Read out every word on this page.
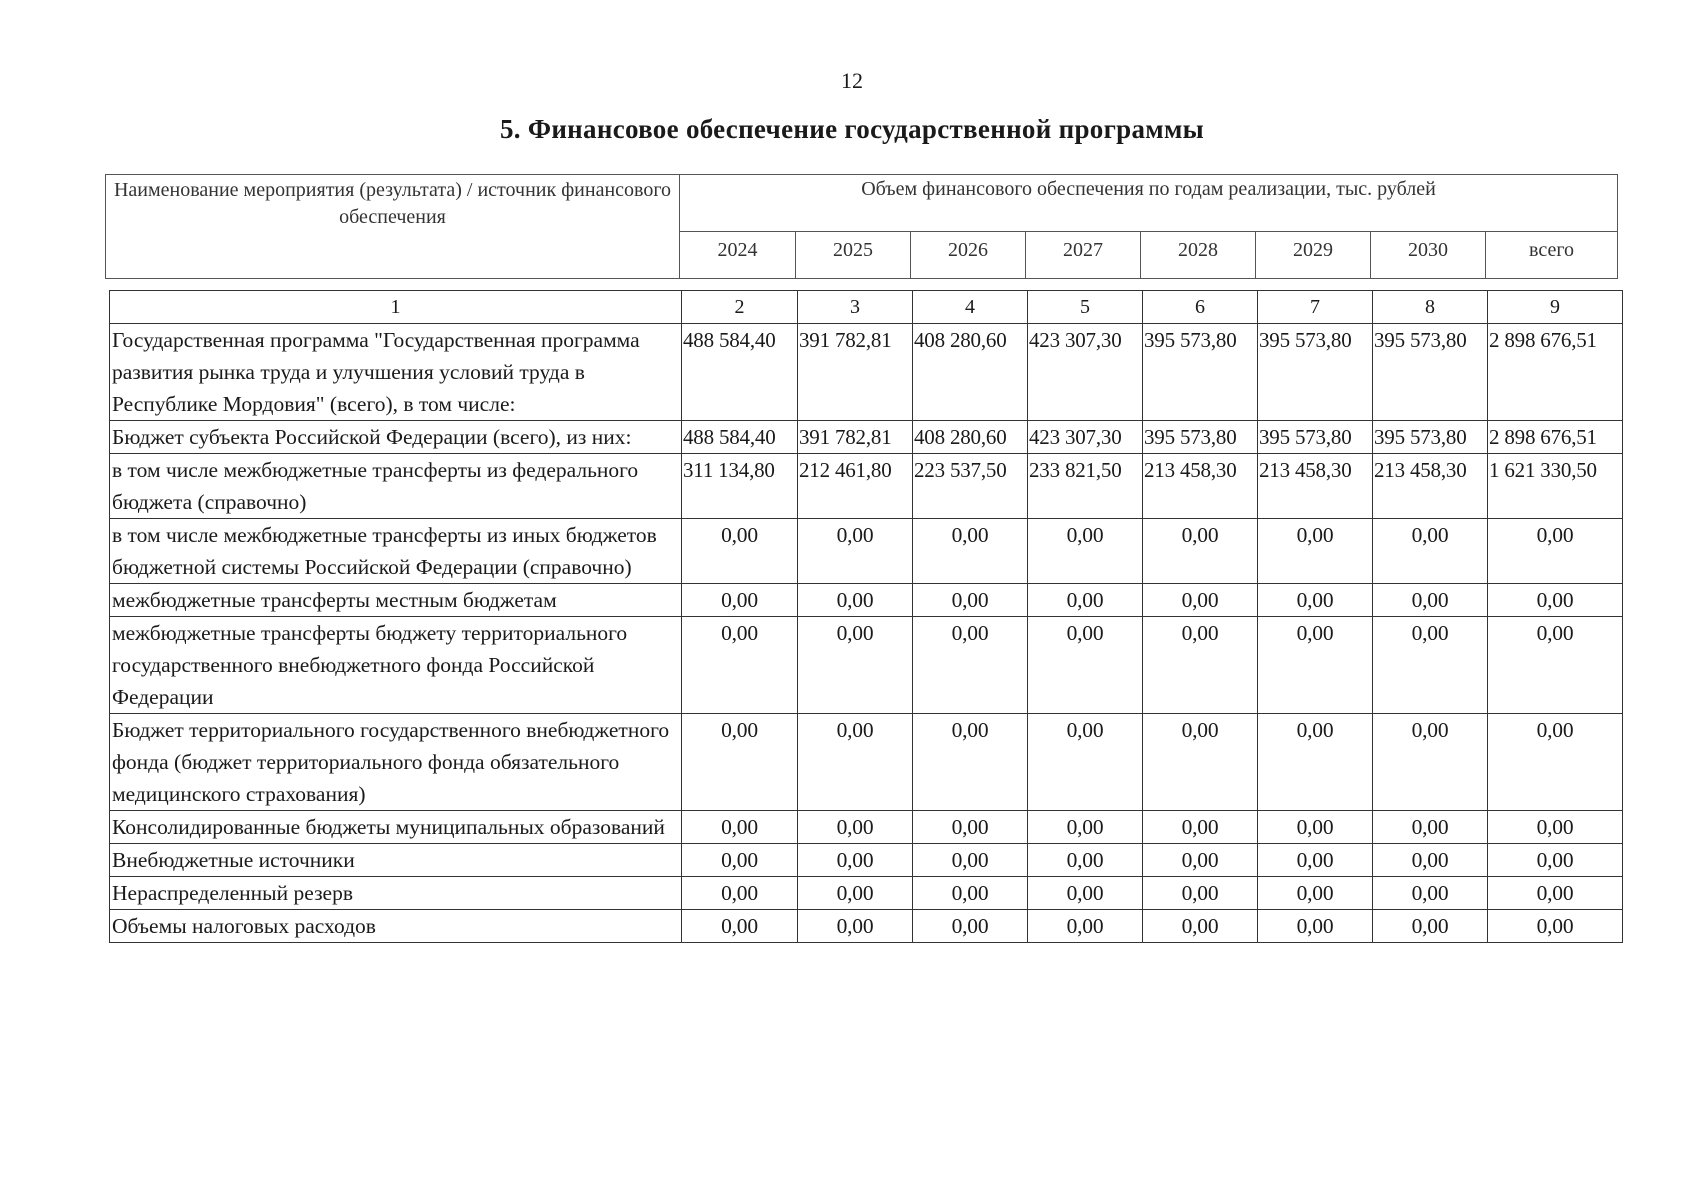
12
5. Финансовое обеспечение государственной программы
Наименование мероприятия (результата) / источник финансового обеспечения	Объем финансового обеспечения по годам реализации, тыс. рублей							
	2024	2025	2026	2027	2028	2029	2030	всего
1	2	3	4	5	6	7	8	9
Государственная программа "Государственная программа развития рынка труда и улучшения условий труда в Республике Мордовия" (всего), в том числе:	488 584,40	391 782,81	408 280,60	423 307,30	395 573,80	395 573,80	395 573,80	2 898 676,51
Бюджет субъекта Российской Федерации (всего), из них:	488 584,40	391 782,81	408 280,60	423 307,30	395 573,80	395 573,80	395 573,80	2 898 676,51
в том числе межбюджетные трансферты из федерального бюджета (справочно)	311 134,80	212 461,80	223 537,50	233 821,50	213 458,30	213 458,30	213 458,30	1 621 330,50
в том числе межбюджетные трансферты из иных бюджетов бюджетной системы Российской Федерации (справочно)	0,00	0,00	0,00	0,00	0,00	0,00	0,00	0,00
межбюджетные трансферты местным бюджетам	0,00	0,00	0,00	0,00	0,00	0,00	0,00	0,00
межбюджетные трансферты бюджету территориального государственного внебюджетного фонда Российской Федерации	0,00	0,00	0,00	0,00	0,00	0,00	0,00	0,00
Бюджет территориального государственного внебюджетного фонда (бюджет территориального фонда обязательного медицинского страхования)	0,00	0,00	0,00	0,00	0,00	0,00	0,00	0,00
Консолидированные бюджеты муниципальных образований	0,00	0,00	0,00	0,00	0,00	0,00	0,00	0,00
Внебюджетные источники	0,00	0,00	0,00	0,00	0,00	0,00	0,00	0,00
Нераспределенный резерв	0,00	0,00	0,00	0,00	0,00	0,00	0,00	0,00
Объемы налоговых расходов	0,00	0,00	0,00	0,00	0,00	0,00	0,00	0,00
